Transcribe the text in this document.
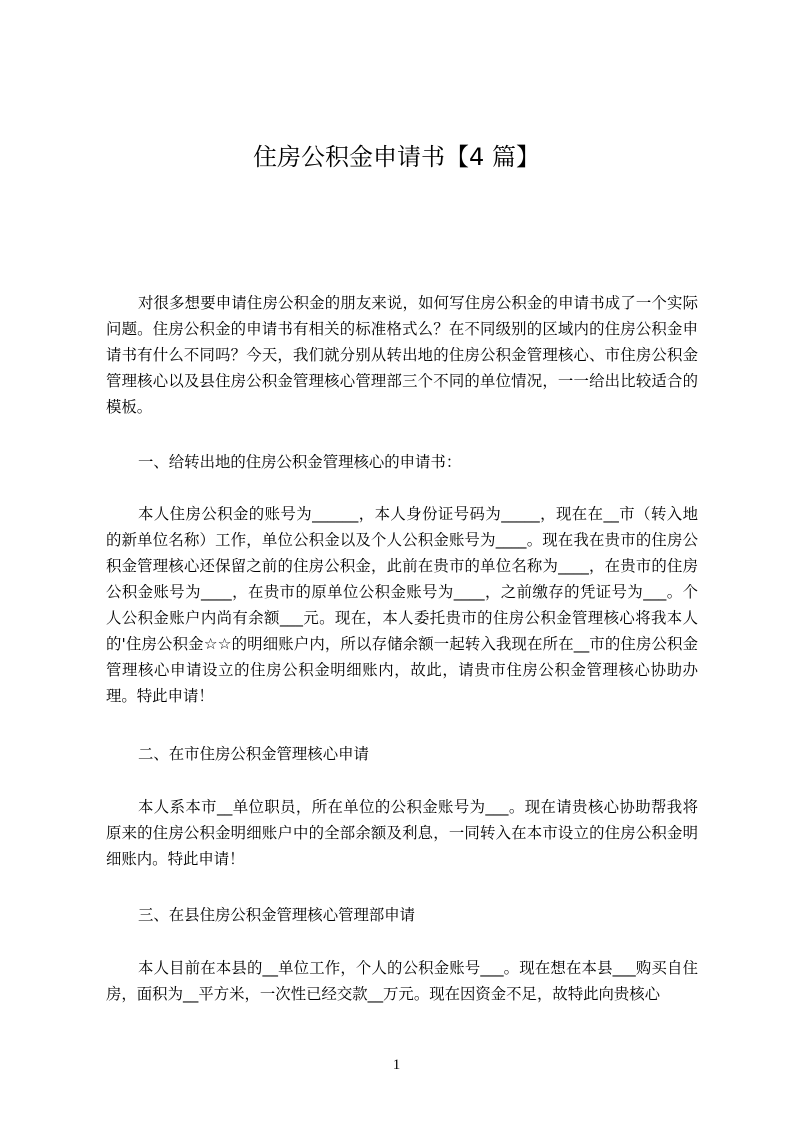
住房公积金申请书【4 篇】

对很多想要申请住房公积金的朋友来说，如何写住房公积金的申请书成了一个实际问题。住房公积金的申请书有相关的标准格式么？在不同级别的区域内的住房公积金申请书有什么不同吗？今天，我们就分别从转出地的住房公积金管理核心、市住房公积金管理核心以及县住房公积金管理核心管理部三个不同的单位情况，一一给出比较适合的模板。

一、给转出地的住房公积金管理核心的申请书：

本人住房公积金的账号为______，本人身份证号码为_____，现在在__市（转入地的新单位名称）工作，单位公积金以及个人公积金账号为____。现在我在贵市的住房公积金管理核心还保留之前的住房公积金，此前在贵市的单位名称为____，在贵市的住房公积金账号为____，在贵市的原单位公积金账号为____，之前缴存的凭证号为___。个人公积金账户内尚有余额___元。现在，本人委托贵市的住房公积金管理核心将我本人的'住房公积金☆☆的明细账户内，所以存储余额一起转入我现在所在__市的住房公积金管理核心申请设立的住房公积金明细账内，故此，请贵市住房公积金管理核心协助办理。特此申请！

二、在市住房公积金管理核心申请

本人系本市__单位职员，所在单位的公积金账号为___。现在请贵核心协助帮我将原来的住房公积金明细账户中的全部余额及利息，一同转入在本市设立的住房公积金明细账内。特此申请！

三、在县住房公积金管理核心管理部申请

本人目前在本县的__单位工作，个人的公积金账号___。现在想在本县___购买自住房，面积为__平方米，一次性已经交款__万元。现在因资金不足，故特此向贵核心

1
